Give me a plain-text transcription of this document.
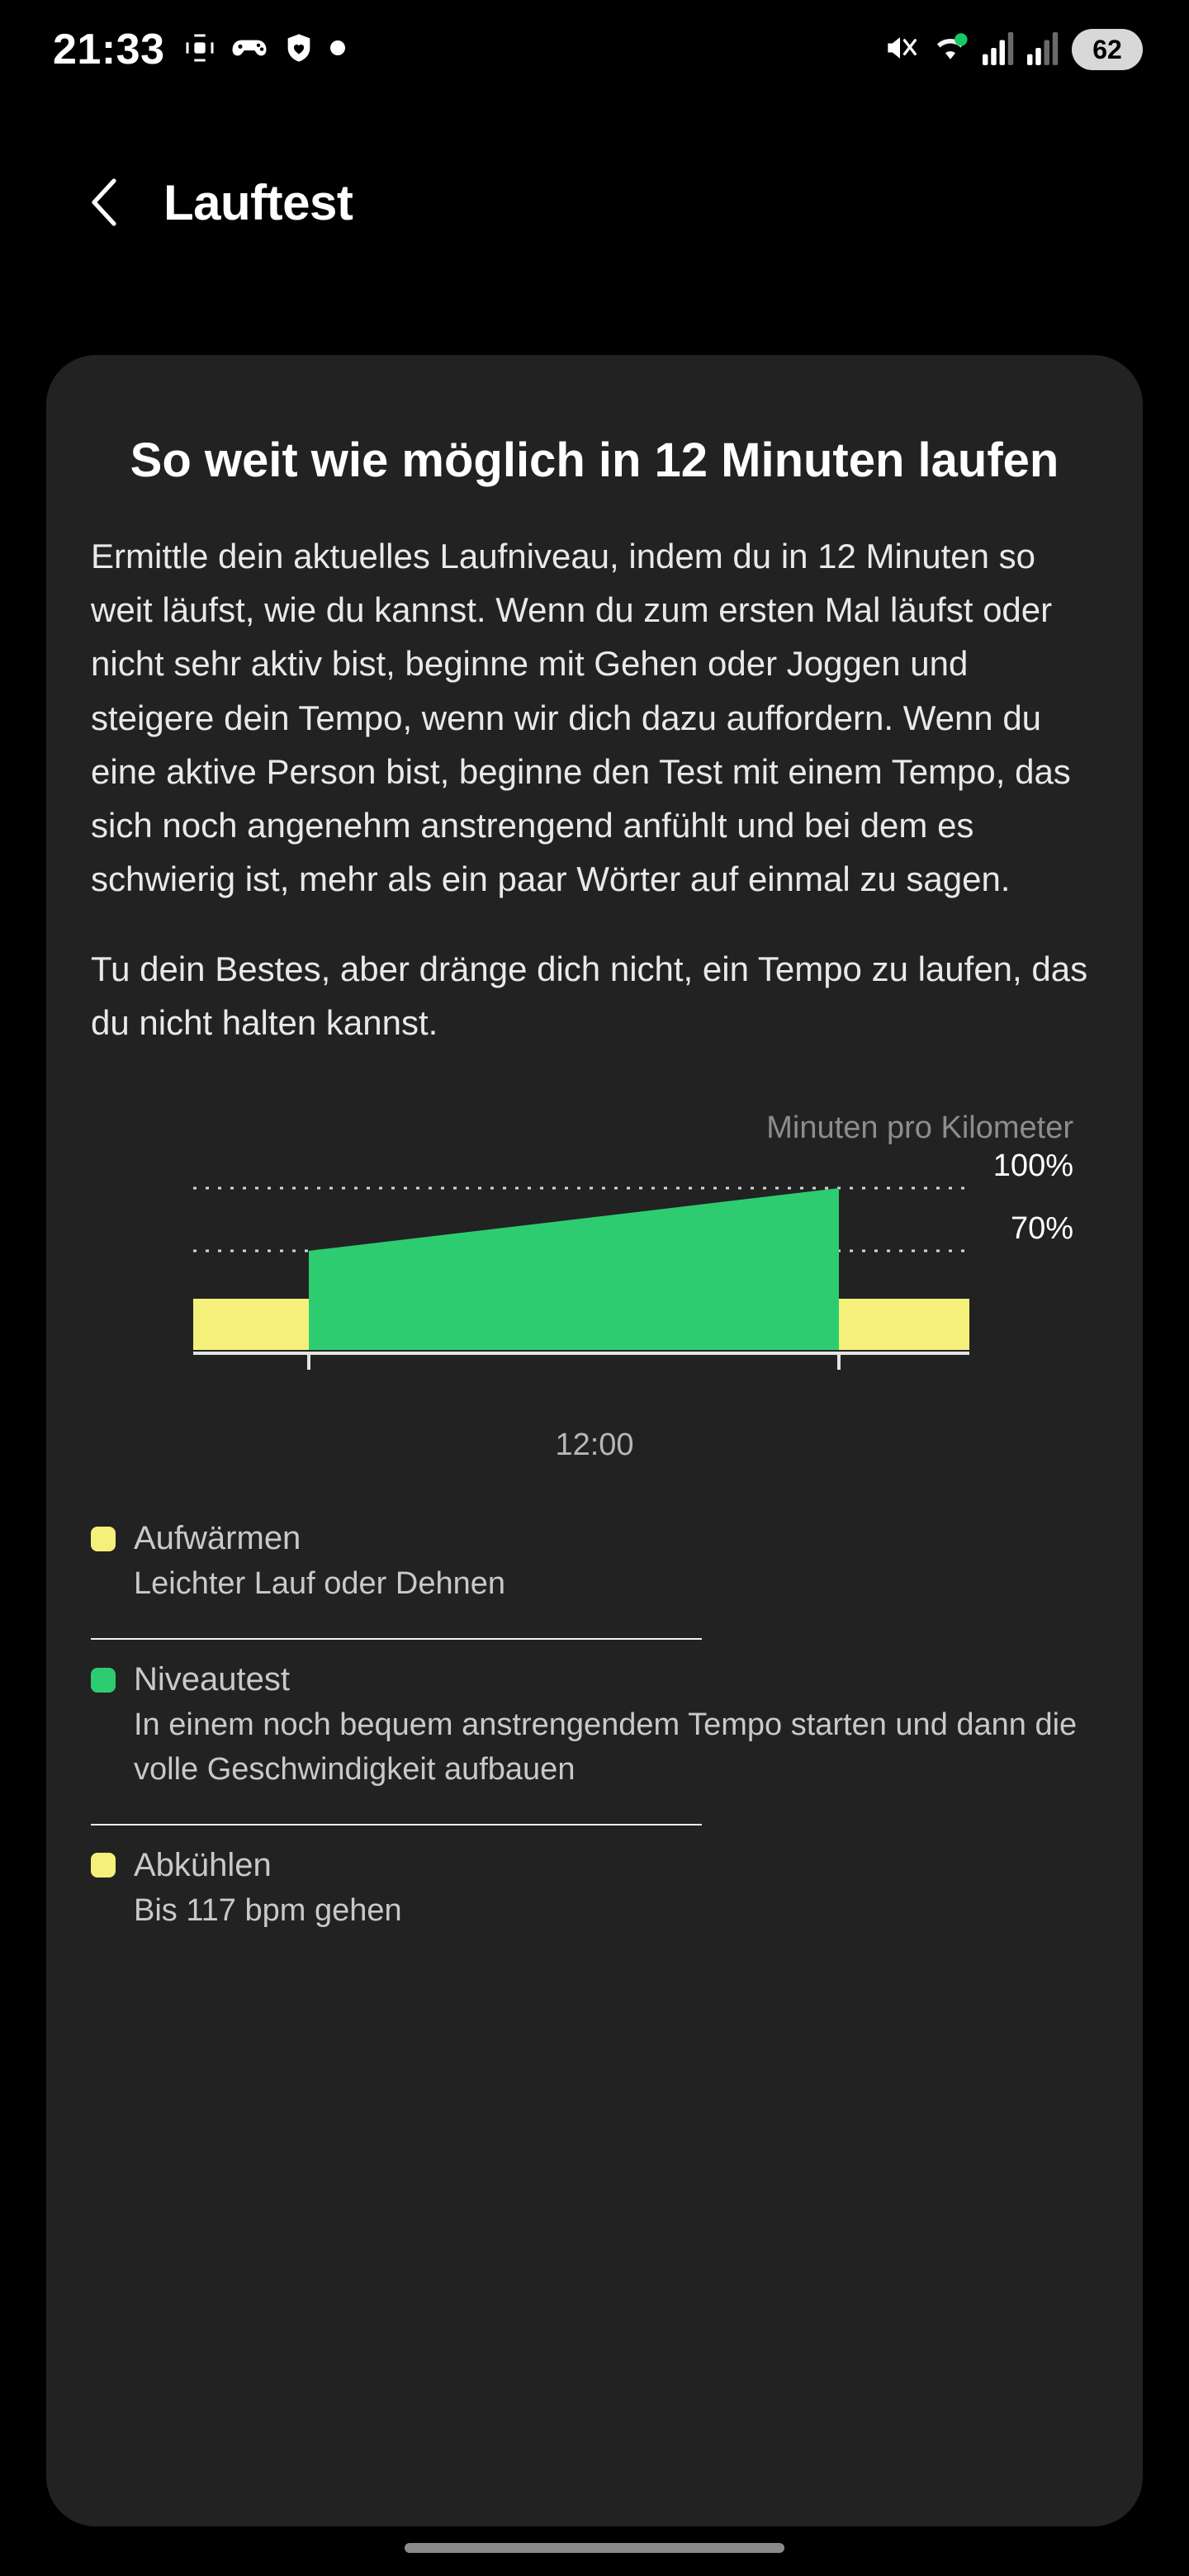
21:33	62
Lauftest
So weit wie möglich in 12 Minuten laufen
Ermittle dein aktuelles Laufniveau, indem du in 12 Minuten so weit läufst, wie du kannst. Wenn du zum ersten Mal läufst oder nicht sehr aktiv bist, beginne mit Gehen oder Joggen und steigere dein Tempo, wenn wir dich dazu auffordern. Wenn du eine aktive Person bist, beginne den Test mit einem Tempo, das sich noch angenehm anstrengend anfühlt und bei dem es schwierig ist, mehr als ein paar Wörter auf einmal zu sagen.
Tu dein Bestes, aber dränge dich nicht, ein Tempo zu laufen, das du nicht halten kannst.
Minuten pro Kilometer
100%
70%
12:00
Aufwärmen
Leichter Lauf oder Dehnen
Niveautest
In einem noch bequem anstrengendem Tempo starten und dann die volle Geschwindigkeit aufbauen
Abkühlen
Bis 117 bpm gehen
